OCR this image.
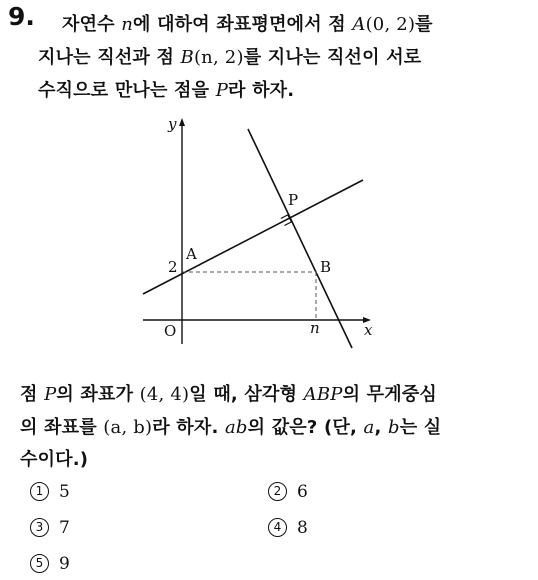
9. 자연수 n에 대하여 좌표평면에서 점 A(0, 2)를
지나는 직선과 점 B(n, 2)를 지나는 직선이 서로
수직으로 만나는 점을 P라 하자.
y
x
O
2
A
B
P
n
점 P의 좌표가 (4, 4)일 때, 삼각형 ABP의 무게중심
의 좌표를 (a, b)라 하자. ab의 값은? (단, a, b는 실
수이다.)
1 5	2 6
3 7	4 8
5 9
